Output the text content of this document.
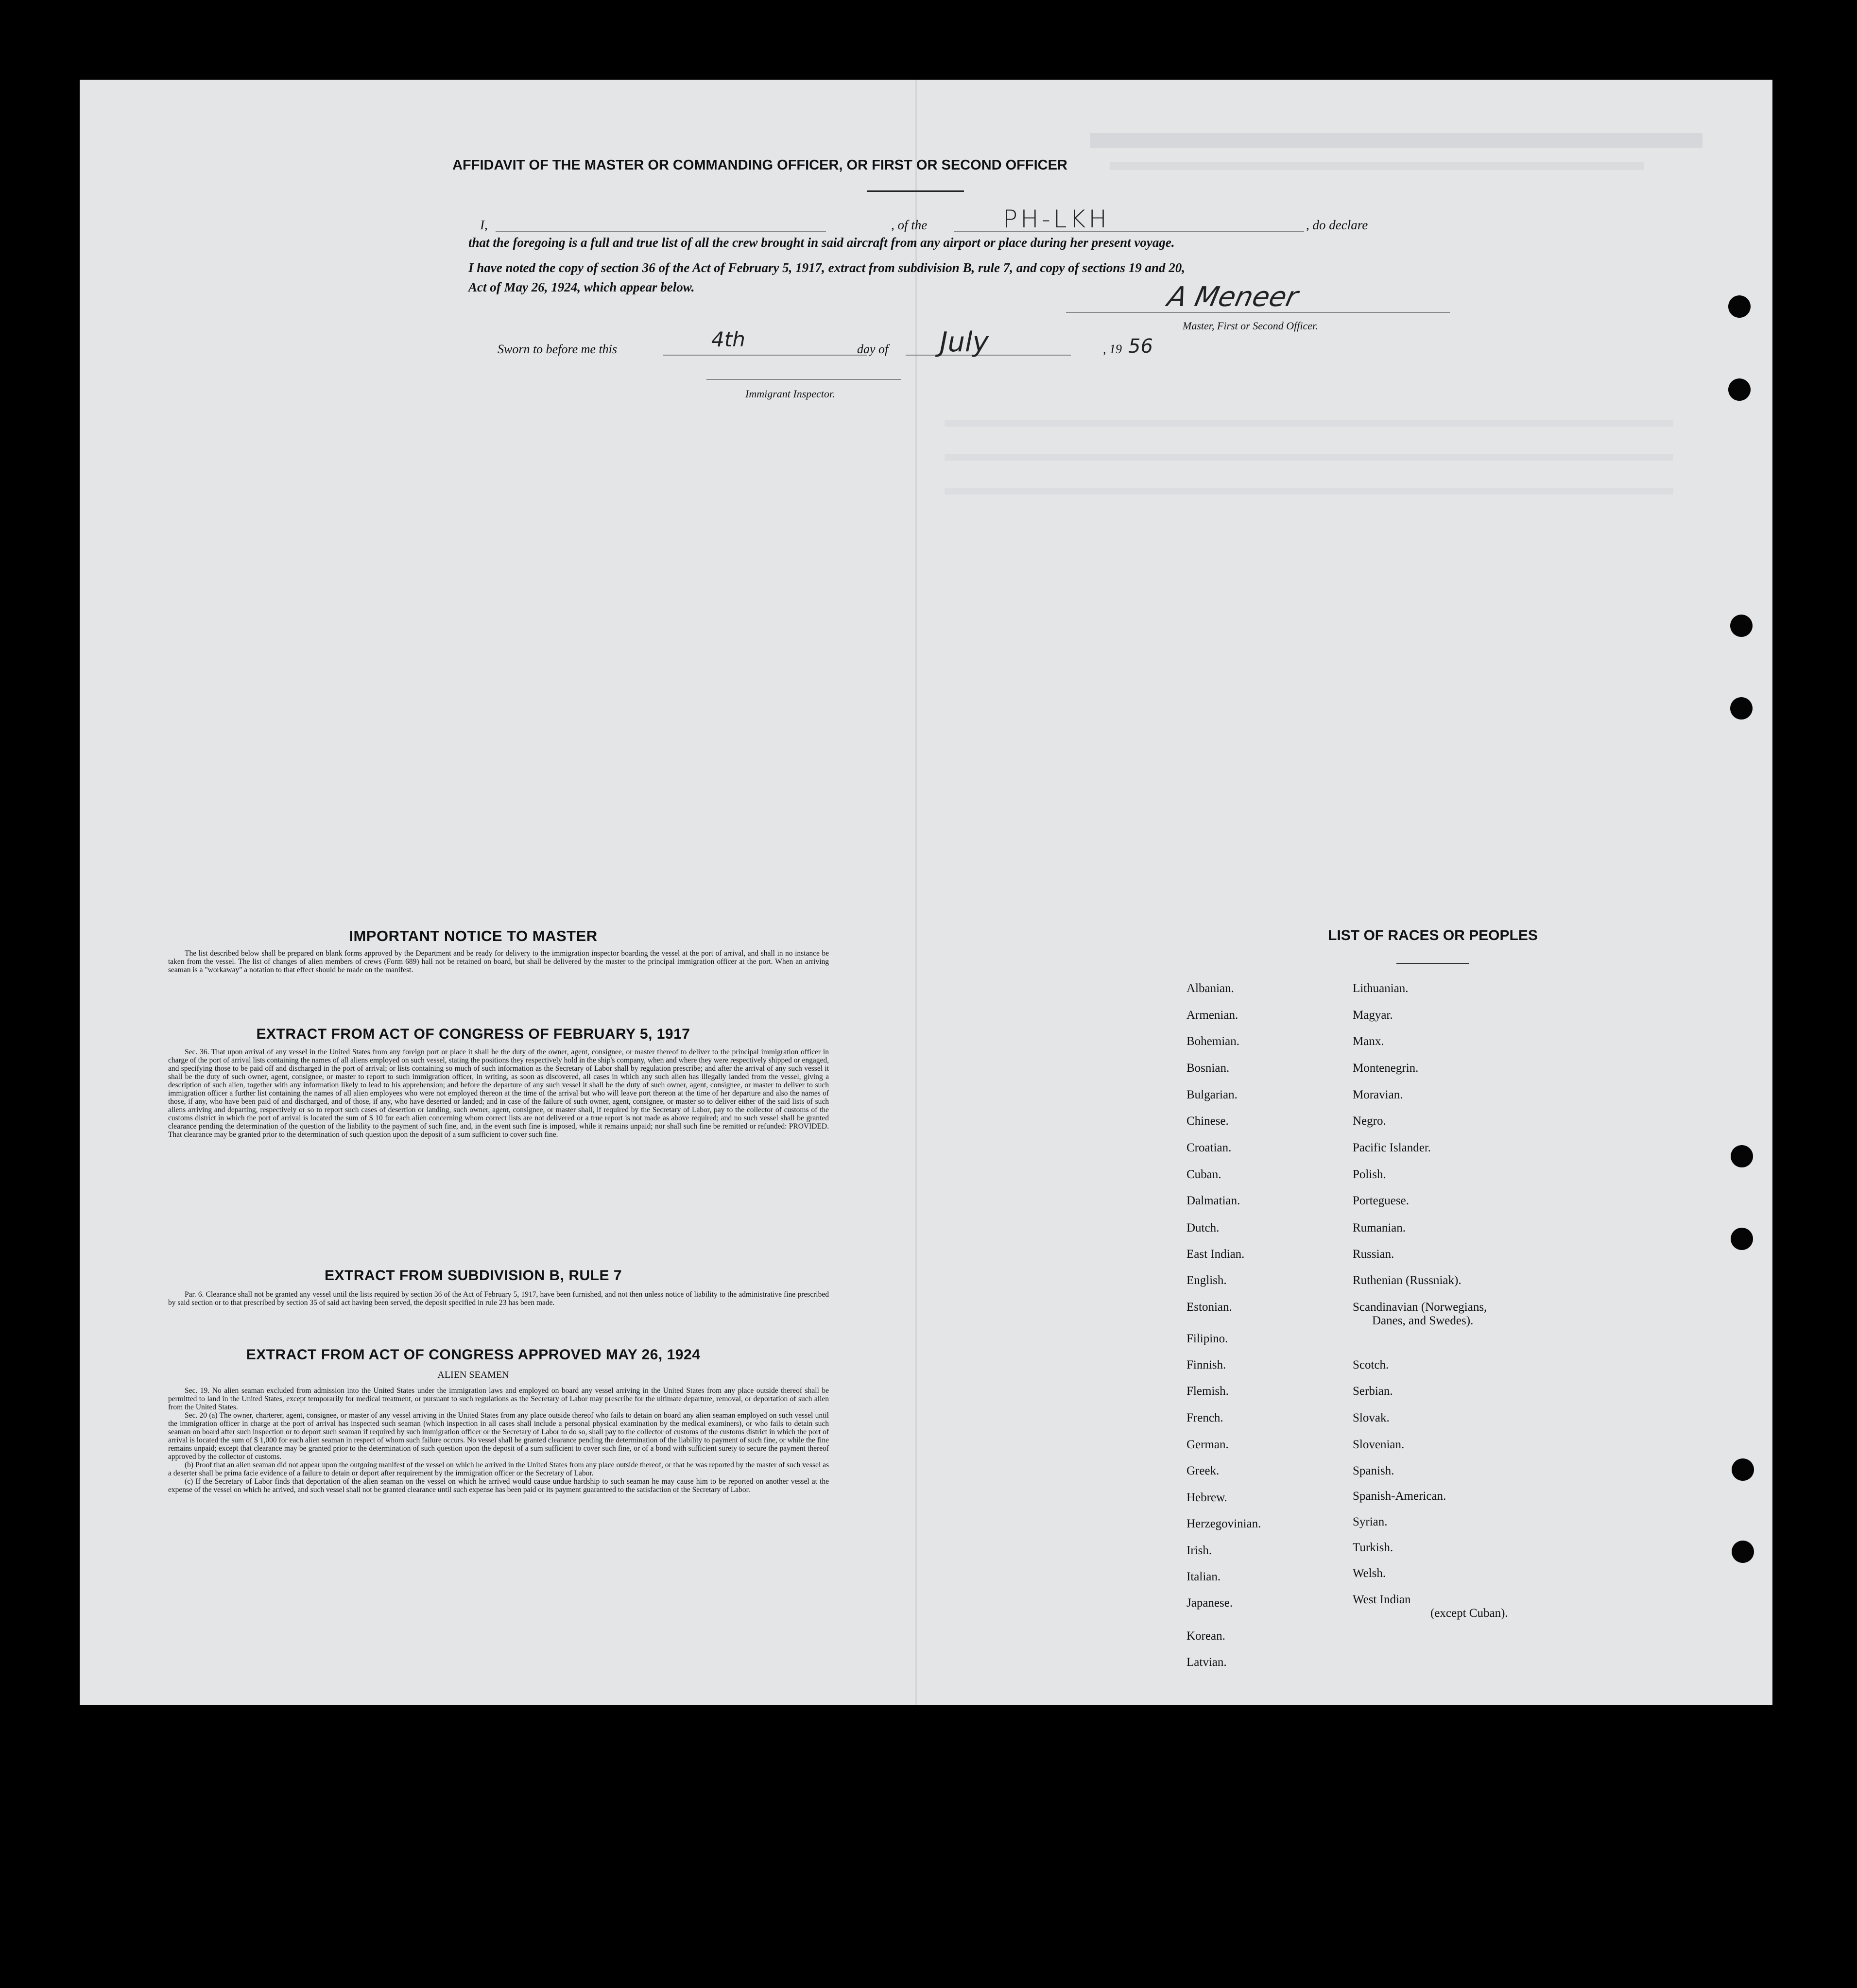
AFFIDAVIT OF THE MASTER OR COMMANDING OFFICER, OR FIRST OR SECOND OFFICER
I,	, of the	PH-LKH	, do declare
that the foregoing is a full and true list of all the crew brought in said aircraft from any airport or place during her present voyage.
I have noted the copy of section 36 of the Act of February 5, 1917, extract from subdivision B, rule 7, and copy of sections 19 and 20,
Act of May 26, 1924, which appear below.	A Meneer
Master, First or Second Officer.
Sworn to before me this	4th	day of July	, 19 56
Immigrant Inspector.
IMPORTANT NOTICE TO MASTER

The list described below shall be prepared on blank forms approved by the Department and be ready for delivery to the immigration inspector boarding the vessel at the port of arrival, and shall in no instance be taken from the vessel. The list of changes of alien members of crews (Form 689) hall not be retained on board, but shall be delivered by the master to the principal immigration officer at the port. When an arriving seaman is a "workaway" a notation to that effect should be made on the manifest.

EXTRACT FROM ACT OF CONGRESS OF FEBRUARY 5, 1917

Sec. 36. That upon arrival of any vessel in the United States from any foreign port or place it shall be the duty of the owner, agent, consignee, or master thereof to deliver to the principal immigration officer in charge of the port of arrival lists containing the names of all aliens employed on such vessel, stating the positions they respectively hold in the ship's company, when and where they were respectively shipped or engaged, and specifying those to be paid off and discharged in the port of arrival; or lists containing so much of such information as the Secretary of Labor shall by regulation prescribe; and after the arrival of any such vessel it shall be the duty of such owner, agent, consignee, or master to report to such immigration officer, in writing, as soon as discovered, all cases in which any such alien has illegally landed from the vessel, giving a description of such alien, together with any information likely to lead to his apprehension; and before the departure of any such vessel it shall be the duty of such owner, agent, consignee, or master to deliver to such immigration officer a further list containing the names of all alien employees who were not employed thereon at the time of the arrival but who will leave port thereon at the time of her departure and also the names of those, if any, who have been paid of and discharged, and of those, if any, who have deserted or landed; and in case of the failure of such owner, agent, consignee, or master so to deliver either of the said lists of such aliens arriving and departing, respectively or so to report such cases of desertion or landing, such owner, agent, consignee, or master shall, if required by the Secretary of Labor, pay to the collector of customs of the customs district in which the port of arrival is located the sum of $ 10 for each alien concerning whom correct lists are not delivered or a true report is not made as above required; and no such vessel shall be granted clearance pending the determination of the question of the liability to the payment of such fine, and, in the event such fine is imposed, while it remains unpaid; nor shall such fine be remitted or refunded: PROVIDED. That clearance may be granted prior to the determination of such question upon the deposit of a sum sufficient to cover such fine.

EXTRACT FROM SUBDIVISION B, RULE 7

Par. 6. Clearance shall not be granted any vessel until the lists required by section 36 of the Act of February 5, 1917, have been furnished, and not then unless notice of liability to the administrative fine prescribed by said section or to that prescribed by section 35 of said act having been served, the deposit specified in rule 23 has been made.

EXTRACT FROM ACT OF CONGRESS APPROVED MAY 26, 1924
ALIEN SEAMEN

Sec. 19. No alien seaman excluded from admission into the United States under the immigration laws and employed on board any vessel arriving in the United States from any place outside thereof shall be permitted to land in the United States, except temporarily for medical treatment, or pursuant to such regulations as the Secretary of Labor may prescribe for the ultimate departure, removal, or deportation of such alien from the United States.

Sec. 20 (a) The owner, charterer, agent, consignee, or master of any vessel arriving in the United States from any place outside thereof who fails to detain on board any alien seaman employed on such vessel until the immigration officer in charge at the port of arrival has inspected such seaman (which inspection in all cases shall include a personal physical examination by the medical examiners), or who fails to detain such seaman on board after such inspection or to deport such seaman if required by such immigration officer or the Secretary of Labor to do so, shall pay to the collector of customs of the customs district in which the port of arrival is located the sum of $ 1,000 for each alien seaman in respect of whom such failure occurs. No vessel shall be granted clearance pending the determination of the liability to payment of such fine, or while the fine remains unpaid; except that clearance may be granted prior to the determination of such question upon the deposit of a sum sufficient to cover such fine, or of a bond with sufficient surety to secure the payment thereof approved by the collector of customs.

(b) Proof that an alien seaman did not appear upon the outgoing manifest of the vessel on which he arrived in the United States from any place outside thereof, or that he was reported by the master of such vessel as a deserter shall be prima facie evidence of a failure to detain or deport after requirement by the immigration officer or the Secretary of Labor.

(c) If the Secretary of Labor finds that deportation of the alien seaman on the vessel on which he arrived would cause undue hardship to such seaman he may cause him to be reported on another vessel at the expense of the vessel on which he arrived, and such vessel shall not be granted clearance until such expense has been paid or its payment guaranteed to the satisfaction of the Secretary of Labor.

LIST OF RACES OR PEOPLES
Albanian.
Armenian.
Bohemian.
Bosnian.
Bulgarian.
Chinese.
Croatian.
Cuban.
Dalmatian.
Dutch.
East Indian.
English.
Estonian.
Filipino.
Finnish.
Flemish.
French.
German.
Greek.
Hebrew.
Herzegovinian.
Irish.
Italian.
Japanese.
Korean.
Latvian.
Lithuanian.
Magyar.
Manx.
Montenegrin.
Moravian.
Negro.
Pacific Islander.
Polish.
Porteguese.
Rumanian.
Russian.
Ruthenian (Russniak).
Scandinavian (Norwegians,
Danes, and Swedes).
Scotch.
Serbian.
Slovak.
Slovenian.
Spanish.
Spanish-American.
Syrian.
Turkish.
Welsh.
West Indian
(except Cuban).
